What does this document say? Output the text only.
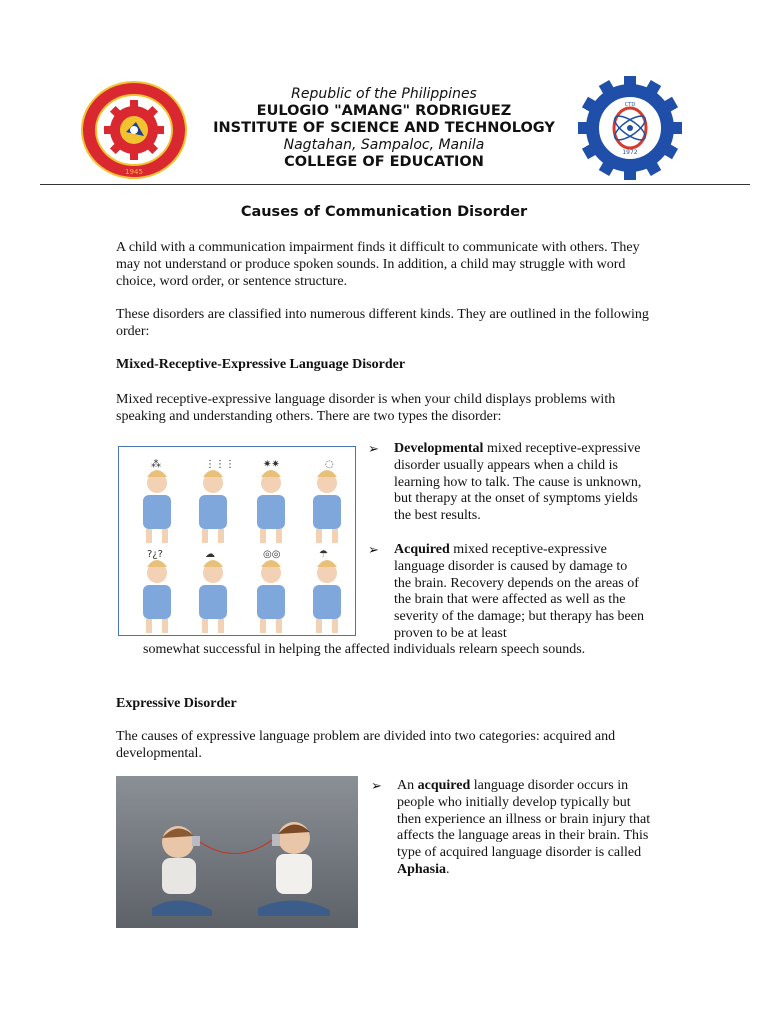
1945
Republic of the Philippines
EULOGIO "AMANG" RODRIGUEZ
INSTITUTE OF SCIENCE AND TECHNOLOGY
Nagtahan, Sampaloc, Manila
COLLEGE OF EDUCATION
1972
CTD
Causes of Communication Disorder

A child with a communication impairment finds it difficult to communicate with others. They may not understand or produce spoken sounds. In addition, a child may struggle with word choice, word order, or sentence structure.

These disorders are classified into numerous different kinds. They are outlined in the following order:

Mixed-Receptive-Expressive Language Disorder

Mixed receptive-expressive language disorder is when your child displays problems with speaking and understanding others. There are two types the disorder:

⁂	⋮⋮⋮	✷✷	◌
?¿?	☁	◎◎	☂
➢ Developmental mixed receptive-expressive disorder usually appears when a child is learning how to talk. The cause is unknown, but therapy at the onset of symptoms yields the best results.
➢ Acquired mixed receptive-expressive language disorder is caused by damage to the brain. Recovery depends on the areas of the brain that were affected as well as the severity of the damage; but therapy has been proven to be at least
somewhat successful in helping the affected individuals relearn speech sounds.

Expressive Disorder

The causes of expressive language problem are divided into two categories: acquired and developmental.

➢ An acquired language disorder occurs in people who initially develop typically but then experience an illness or brain injury that affects the language areas in their brain. This type of acquired language disorder is called Aphasia.
